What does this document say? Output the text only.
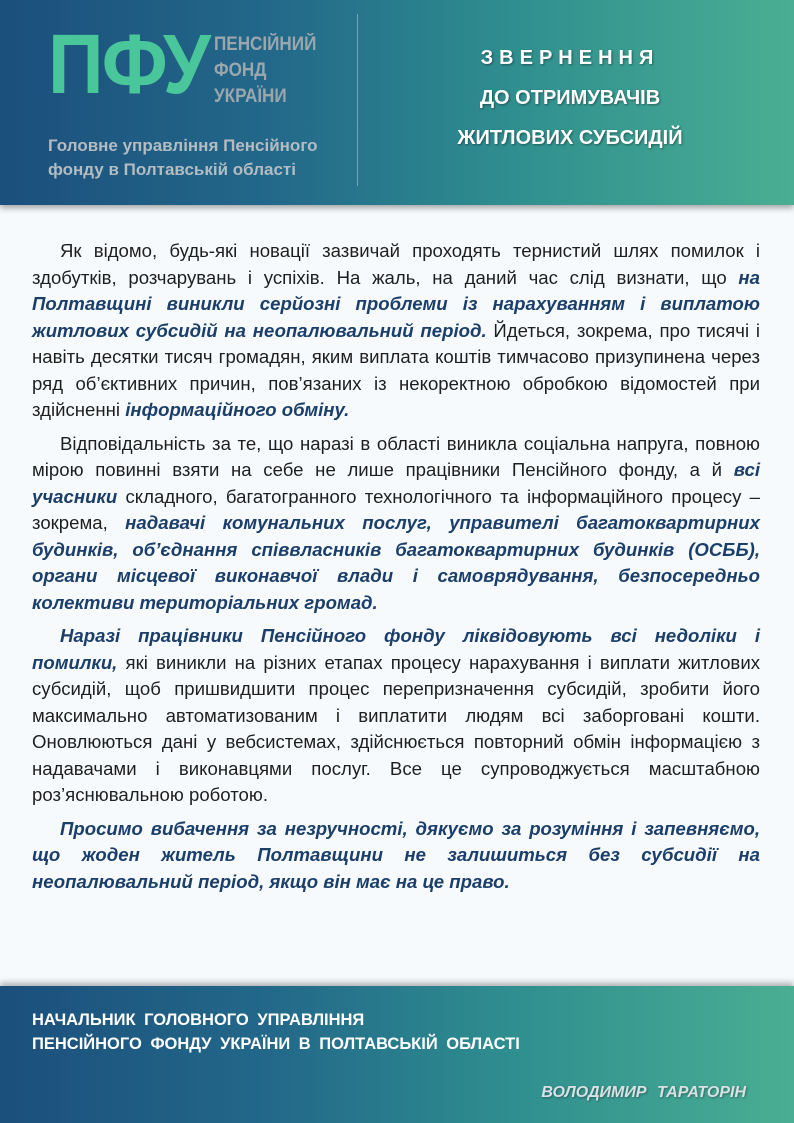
ПФУ ПЕНСІЙНИЙ
ФОНД
УКРАЇНИ
Головне управління Пенсійного фонду в Полтавській області
ЗВЕРНЕННЯ
ДО ОТРИМУВАЧІВ
ЖИТЛОВИХ СУБСИДІЙ

Як відомо, будь-які новації зазвичай проходять тернистий шлях помилок і здобутків, розчарувань і успіхів. На жаль, на даний час слід визнати, що на Полтавщині виникли серйозні проблеми із нарахуванням і виплатою житлових субсидій на неопалювальний період. Йдеться, зокрема, про тисячі і навіть десятки тисяч громадян, яким виплата коштів тимчасово призупинена через ряд об’єктивних причин, пов’язаних із некоректною обробкою відомостей при здійсненні інформаційного обміну.

Відповідальність за те, що наразі в області виникла соціальна напруга, повною мірою повинні взяти на себе не лише працівники Пенсійного фонду, а й всі учасники складного, багатогранного технологічного та інформаційного процесу – зокрема, надавачі комунальних послуг, управителі багатоквартирних будинків, об’єднання співвласників багатоквартирних будинків (ОСББ), органи місцевої виконавчої влади і самоврядування, безпосередньо колективи територіальних громад.

Наразі працівники Пенсійного фонду ліквідовують всі недоліки і помилки, які виникли на різних етапах процесу нарахування і виплати житлових субсидій, щоб пришвидшити процес перепризначення субсидій, зробити його максимально автоматизованим і виплатити людям всі заборговані кошти. Оновлюються дані у вебсистемах, здійснюється повторний обмін інформацією з надавачами і виконавцями послуг. Все це супроводжується масштабною роз’яснювальною роботою.

Просимо вибачення за незручності, дякуємо за розуміння і запевняємо, що жоден житель Полтавщини не залишиться без субсидії на неопалювальний період, якщо він має на це право.

НАЧАЛЬНИК ГОЛОВНОГО УПРАВЛІННЯ
ПЕНСІЙНОГО ФОНДУ УКРАЇНИ В ПОЛТАВСЬКІЙ ОБЛАСТІ
ВОЛОДИМИР ТАРАТОРІН
